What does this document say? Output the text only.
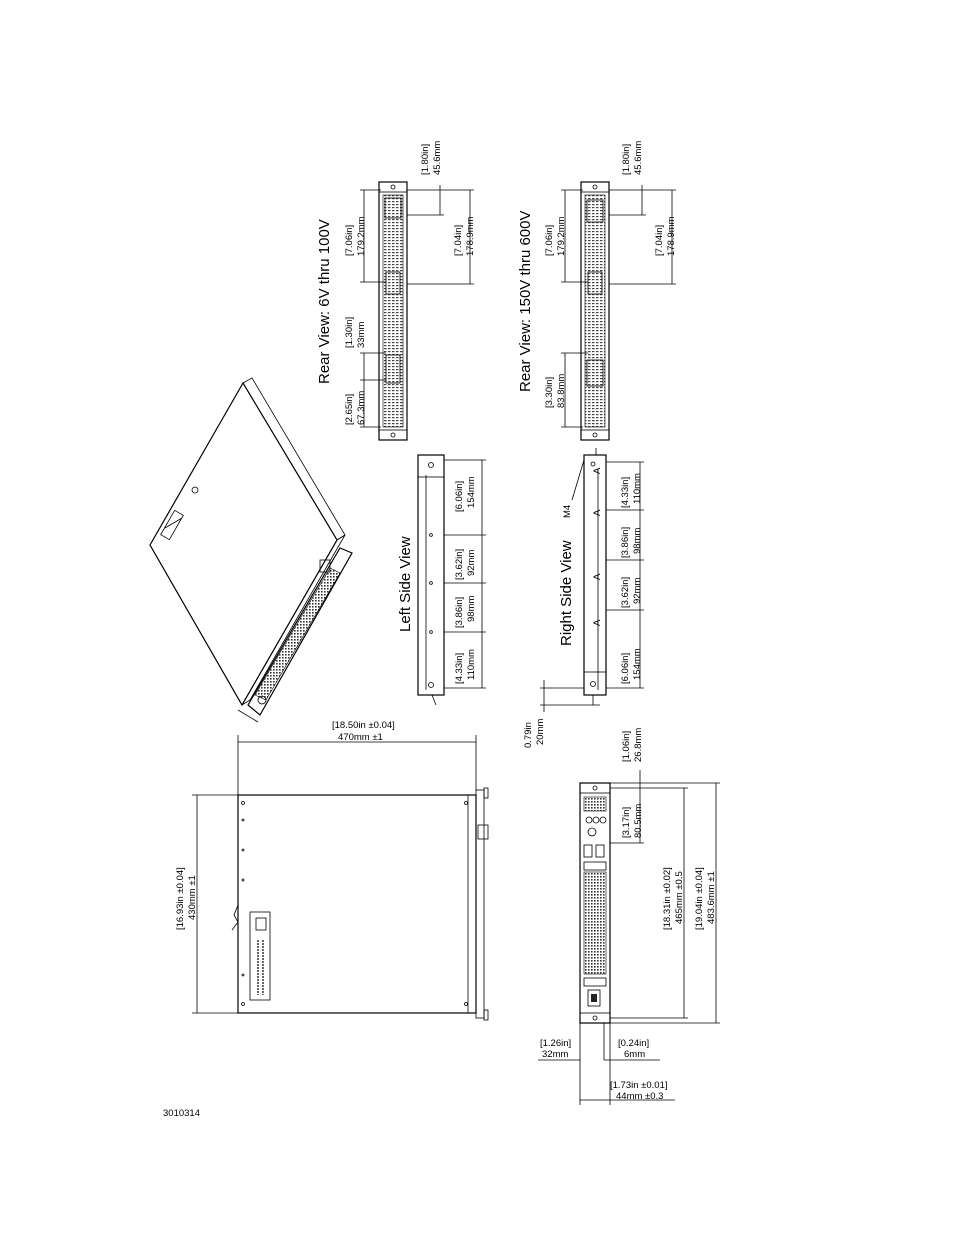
Rear View: 6V thru 100V
[1.80in] 45.6mm
[7.06in] 179.2mm	[7.04in] 178.9mm
[1.30in] 33mm
[2.65in] 67.3mm
Rear View: 150V thru 600V
[1.80in] 45.6mm
[7.06in] 179.2mm	[7.04in] 178.9mm
[3.30in] 83.8mm
Left Side View
[6.06in] 154mm
[3.62in] 92mm
[3.86in] 98mm
[4.33in] 110mm
Right Side View
M4
A
A
A
A
[4.33in] 110mm
[3.86in] 98mm
[3.62in] 92mm
[6.06in] 154mm
0.79in 20mm
[18.50in ±0.04]
470mm ±1
[16.93in ±0.04] 430mm ±1
[1.06in] 26.8mm
[3.17in] 80.5mm
[18.31in ±0.02] 465mm ±0.5 [19.04in ±0.04] 483.6mm ±1
[1.26in]
32mm
[0.24in]
6mm
[1.73in ±0.01]
44mm ±0.3
3010314
